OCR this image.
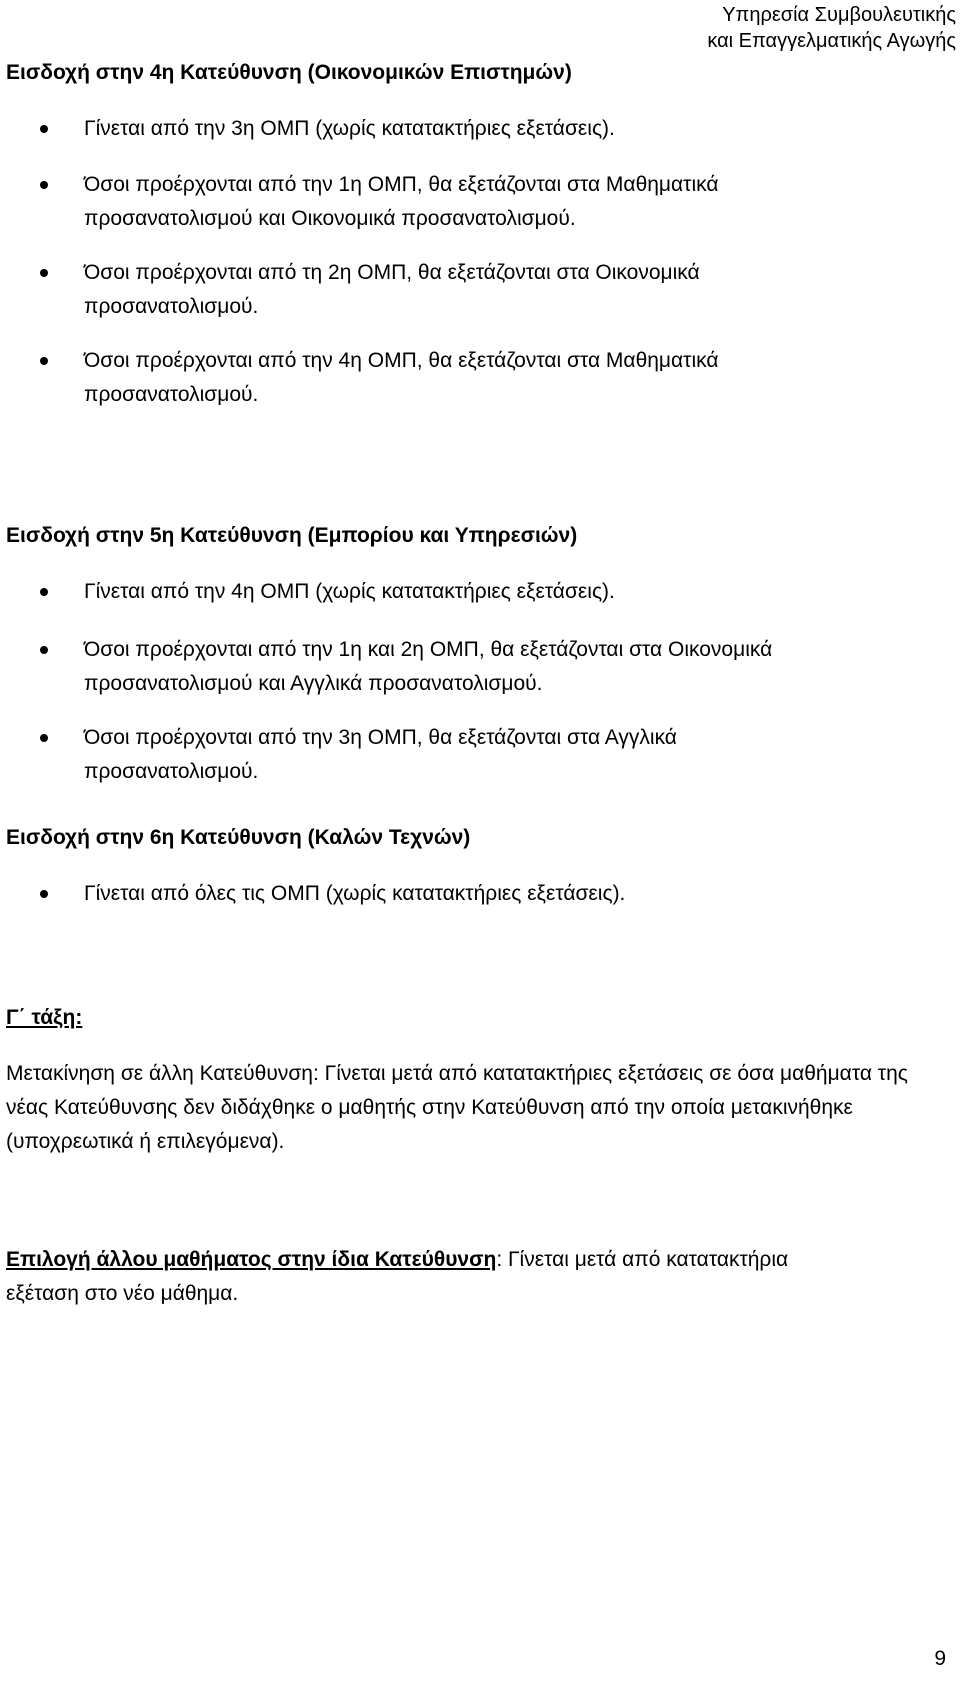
Υπηρεσία Συμβουλευτικής
και Επαγγελματικής Αγωγής
Εισδοχή στην 4η Κατεύθυνση (Οικονομικών Επιστημών)
Γίνεται από την 3η ΟΜΠ (χωρίς κατατακτήριες εξετάσεις).
Όσοι προέρχονται από την 1η ΟΜΠ, θα εξετάζονται στα Μαθηματικά προσανατολισμού και Οικονομικά προσανατολισμού.
Όσοι προέρχονται από τη 2η ΟΜΠ, θα εξετάζονται στα Οικονομικά προσανατολισμού.
Όσοι προέρχονται από την 4η ΟΜΠ, θα εξετάζονται στα Μαθηματικά προσανατολισμού.
Εισδοχή στην 5η Κατεύθυνση (Εμπορίου και Υπηρεσιών)
Γίνεται από την 4η ΟΜΠ (χωρίς κατατακτήριες εξετάσεις).
Όσοι προέρχονται από την 1η και 2η ΟΜΠ, θα εξετάζονται στα Οικονομικά προσανατολισμού και Αγγλικά προσανατολισμού.
Όσοι προέρχονται από την 3η ΟΜΠ, θα εξετάζονται στα Αγγλικά προσανατολισμού.
Εισδοχή στην 6η Κατεύθυνση (Καλών Τεχνών)
Γίνεται από όλες τις ΟΜΠ (χωρίς κατατακτήριες εξετάσεις).
Γ΄ τάξη:
Μετακίνηση σε άλλη Κατεύθυνση: Γίνεται μετά από κατατακτήριες εξετάσεις σε όσα μαθήματα της νέας Κατεύθυνσης δεν διδάχθηκε ο μαθητής στην Κατεύθυνση από την οποία μετακινήθηκε (υποχρεωτικά ή επιλεγόμενα).
Επιλογή άλλου μαθήματος στην ίδια Κατεύθυνση: Γίνεται μετά από κατατακτήρια εξέταση στο νέο μάθημα.
9
